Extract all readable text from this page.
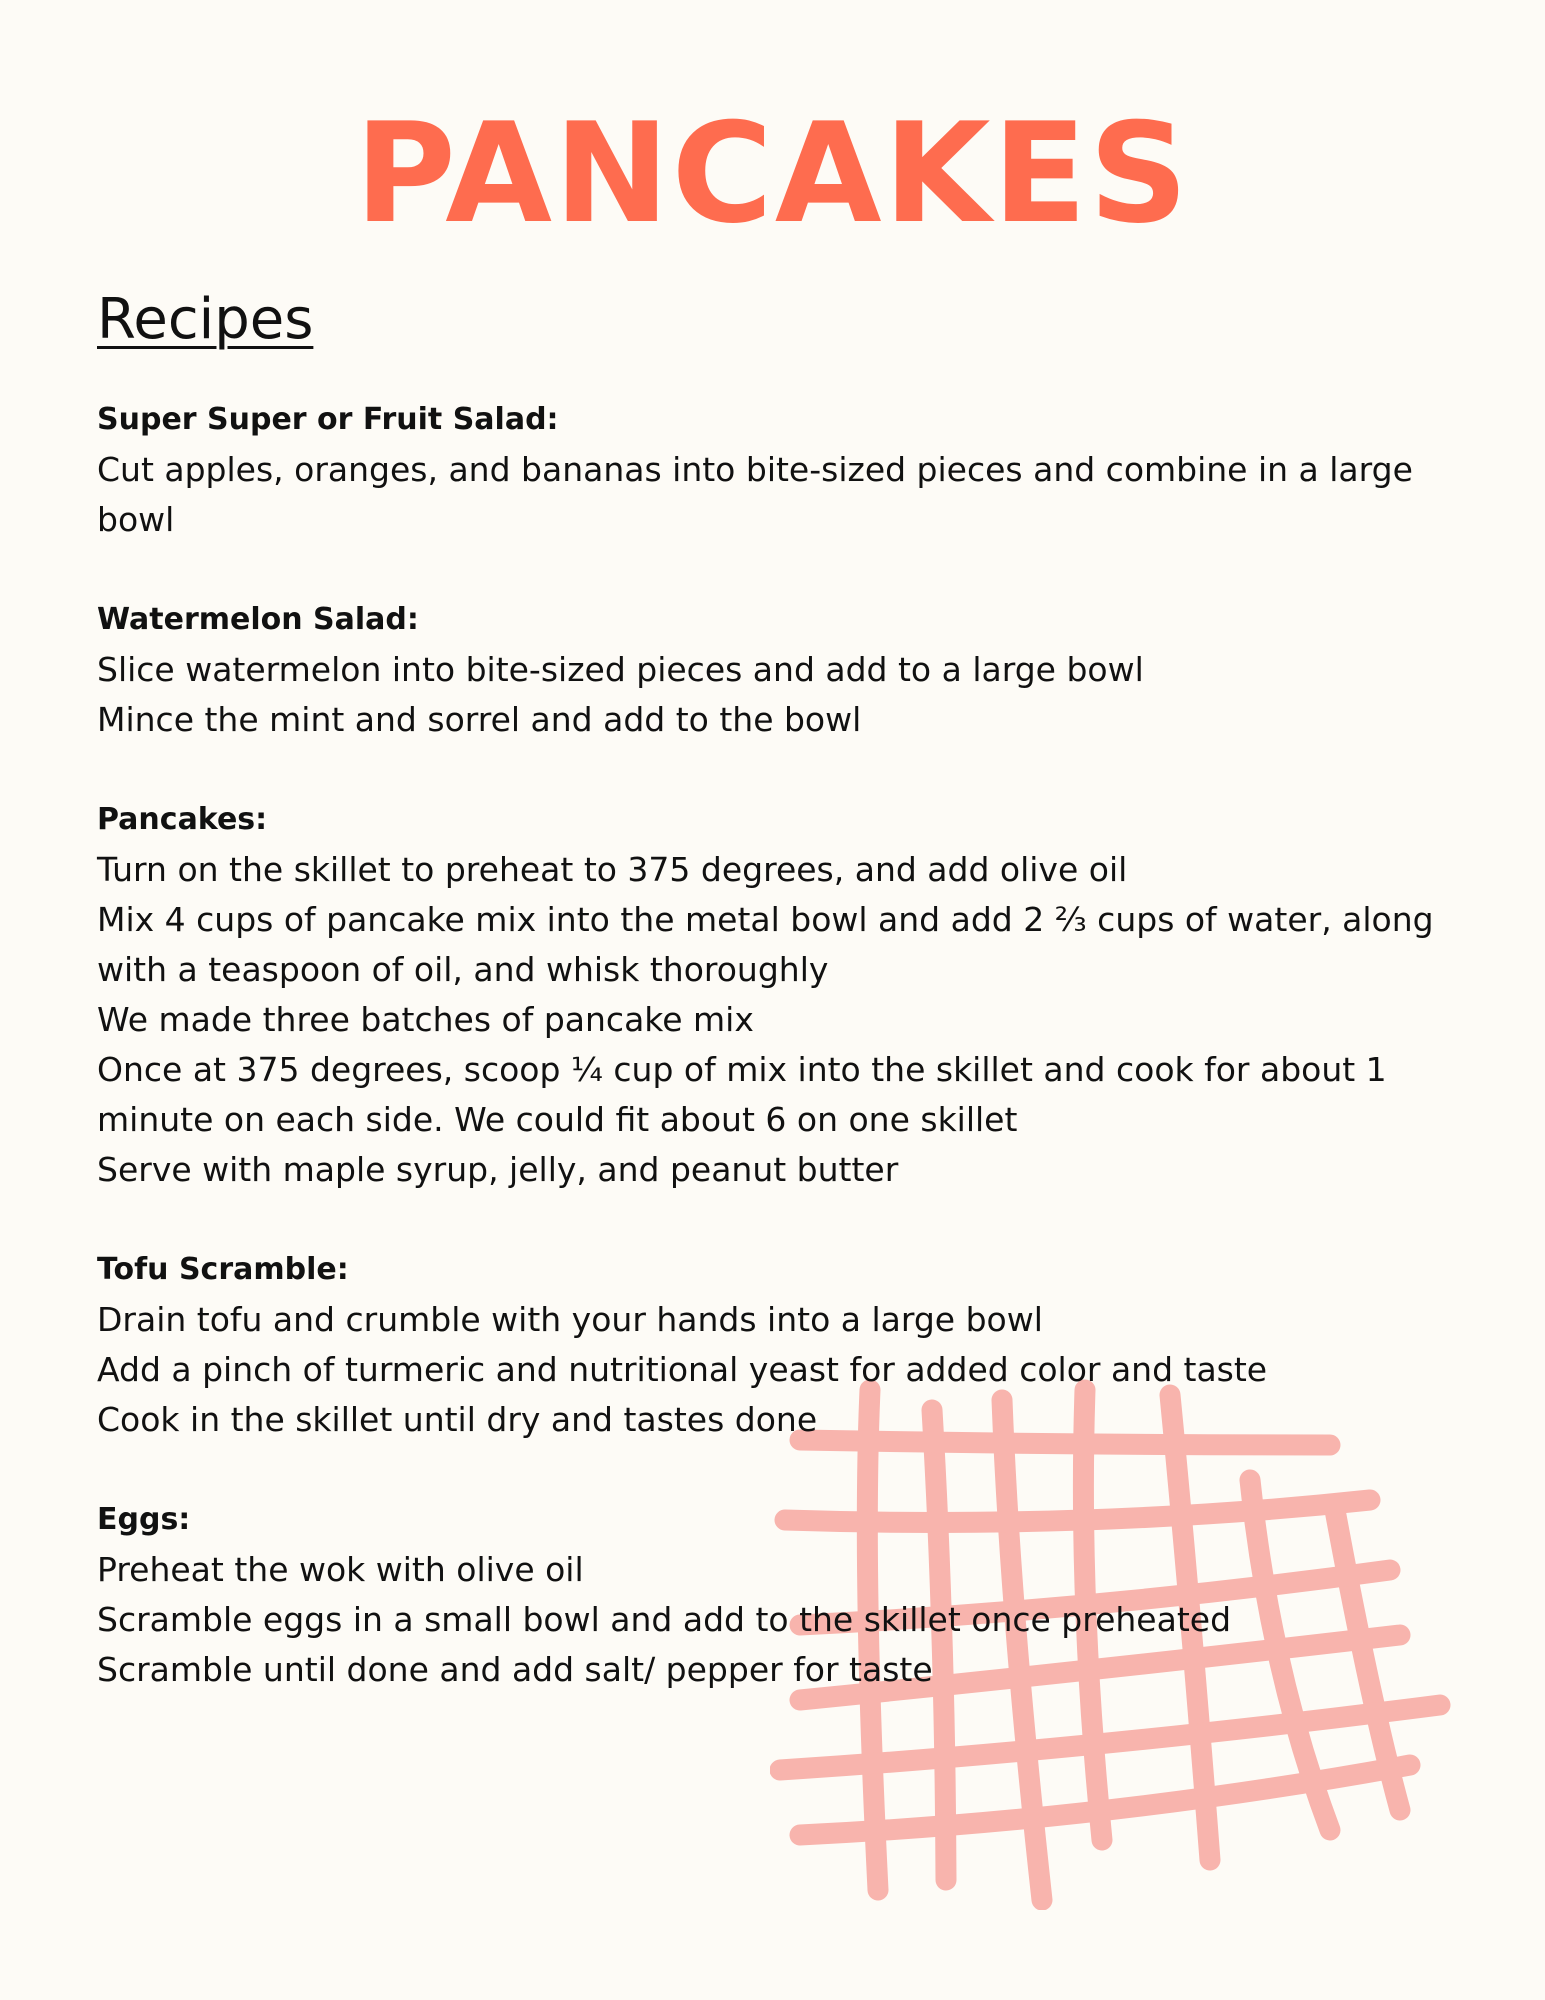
PANCAKES
Recipes

Super Super or Fruit Salad:

Cut apples, oranges, and bananas into bite-sized pieces and combine in a large bowl

Watermelon Salad:

Slice watermelon into bite-sized pieces and add to a large bowl

Mince the mint and sorrel and add to the bowl

Pancakes:

Turn on the skillet to preheat to 375 degrees, and add olive oil

Mix 4 cups of pancake mix into the metal bowl and add 2 ⅔ cups of water, along with a teaspoon of oil, and whisk thoroughly

We made three batches of pancake mix

Once at 375 degrees, scoop ¼ cup of mix into the skillet and cook for about 1 minute on each side. We could fit about 6 on one skillet

Serve with maple syrup, jelly, and peanut butter

Tofu Scramble:

Drain tofu and crumble with your hands into a large bowl

Add a pinch of turmeric and nutritional yeast for added color and taste

Cook in the skillet until dry and tastes done

Eggs:

Preheat the wok with olive oil

Scramble eggs in a small bowl and add to the skillet once preheated

Scramble until done and add salt/ pepper for taste
